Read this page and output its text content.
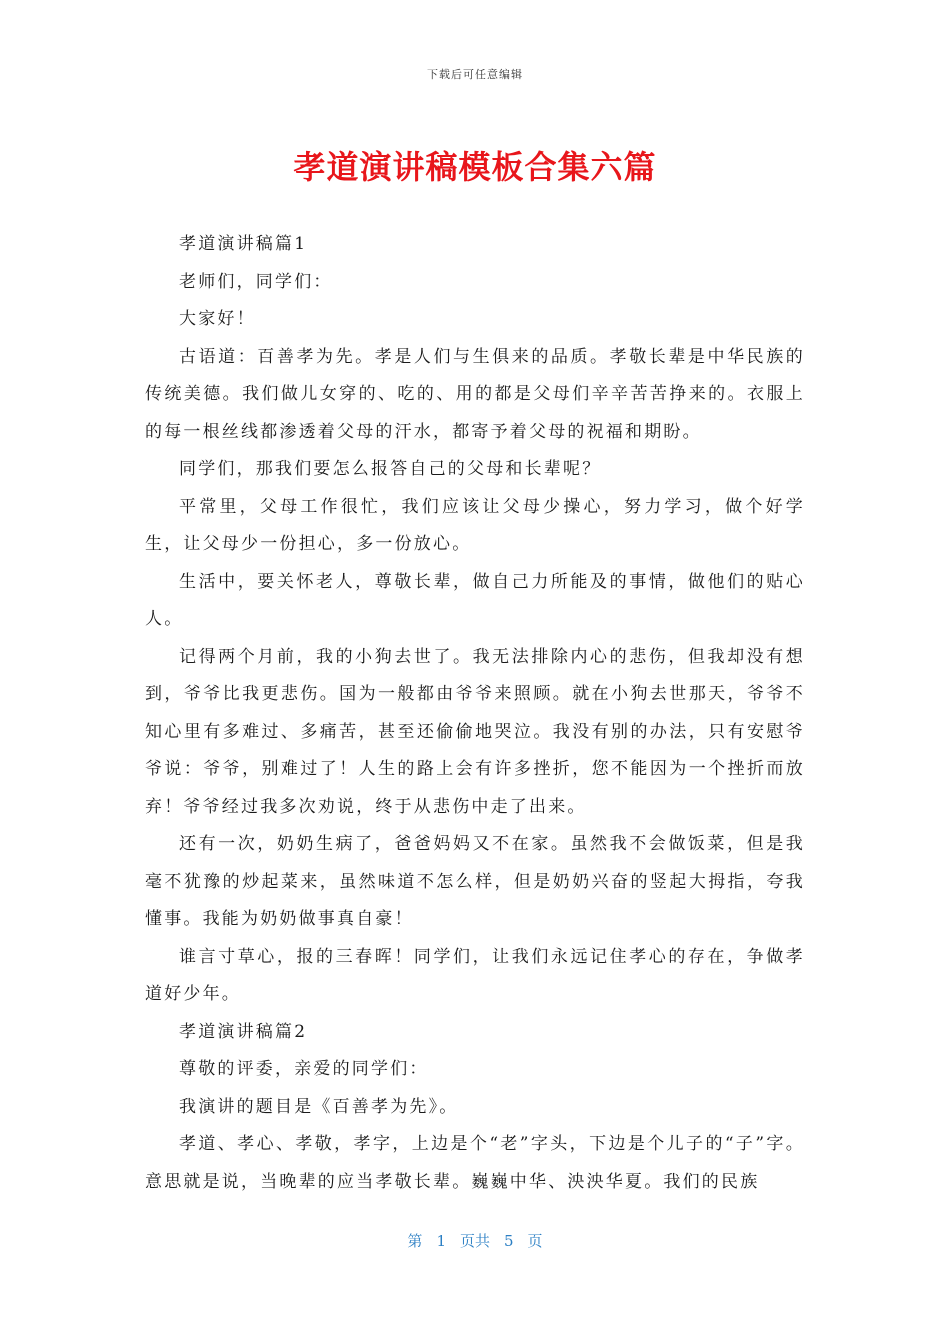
下载后可任意编辑
孝道演讲稿模板合集六篇

孝道演讲稿篇1

老师们，同学们：

大家好！

古语道：百善孝为先。孝是人们与生俱来的品质。孝敬长辈是中华民族的传统美德。我们做儿女穿的、吃的、用的都是父母们辛辛苦苦挣来的。衣服上的每一根丝线都渗透着父母的汗水，都寄予着父母的祝福和期盼。

同学们，那我们要怎么报答自己的父母和长辈呢？

平常里，父母工作很忙，我们应该让父母少操心，努力学习，做个好学生，让父母少一份担心，多一份放心。

生活中，要关怀老人，尊敬长辈，做自己力所能及的事情，做他们的贴心人。

记得两个月前，我的小狗去世了。我无法排除内心的悲伤，但我却没有想到，爷爷比我更悲伤。国为一般都由爷爷来照顾。就在小狗去世那天，爷爷不知心里有多难过、多痛苦，甚至还偷偷地哭泣。我没有别的办法，只有安慰爷爷说：爷爷，别难过了！人生的路上会有许多挫折，您不能因为一个挫折而放弃！爷爷经过我多次劝说，终于从悲伤中走了出来。

还有一次，奶奶生病了，爸爸妈妈又不在家。虽然我不会做饭菜，但是我毫不犹豫的炒起菜来，虽然味道不怎么样，但是奶奶兴奋的竖起大拇指，夸我懂事。我能为奶奶做事真自豪！

谁言寸草心，报的三春晖！同学们，让我们永远记住孝心的存在，争做孝道好少年。

孝道演讲稿篇2

尊敬的评委，亲爱的同学们：

我演讲的题目是《百善孝为先》。

孝道、孝心、孝敬，孝字，上边是个“老”字头，下边是个儿子的“子”字。意思就是说，当晚辈的应当孝敬长辈。巍巍中华、泱泱华夏。我们的民族

第 1 页共 5 页
